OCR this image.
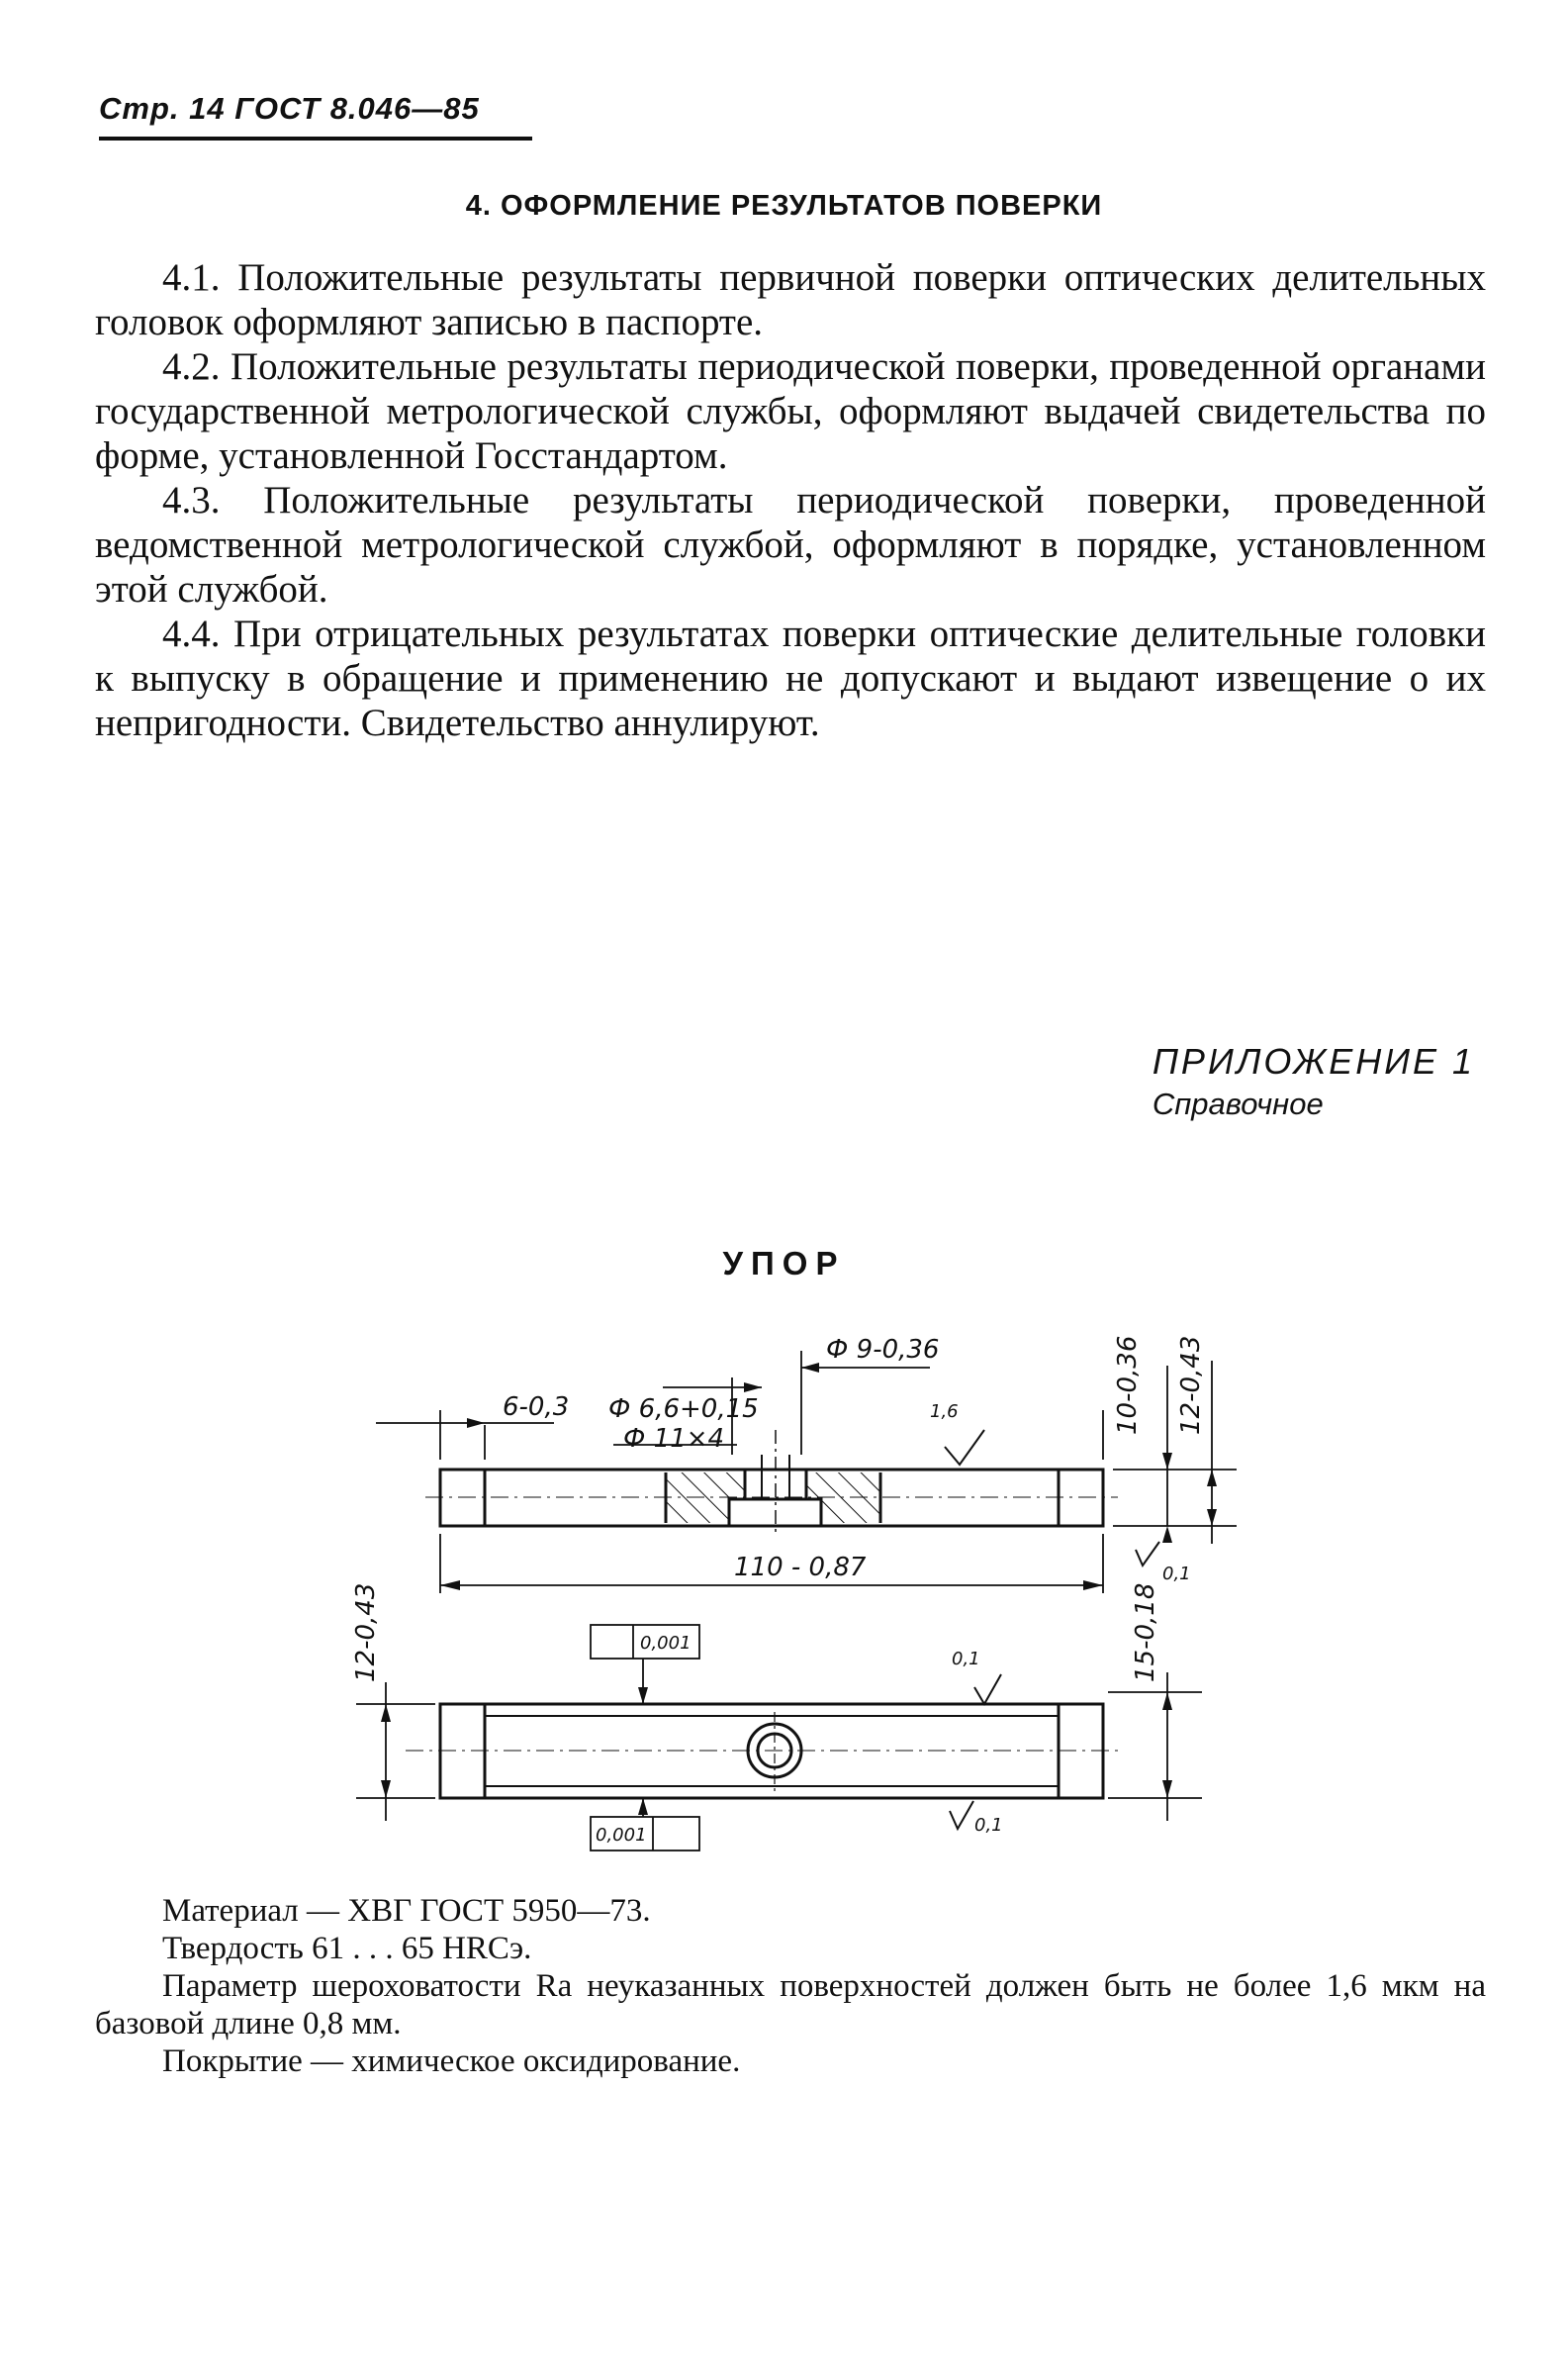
Стр. 14 ГОСТ 8.046—85
4. ОФОРМЛЕНИЕ РЕЗУЛЬТАТОВ ПОВЕРКИ

4.1. Положительные результаты первичной поверки оптических делительных головок оформляют записью в паспорте.

4.2. Положительные результаты периодической поверки, проведенной органами государственной метрологической службы, оформляют выдачей свидетельства по форме, установленной Госстандартом.

4.3. Положительные результаты периодической поверки, проведенной ведомственной метрологической службой, оформляют в порядке, установленном этой службой.

4.4. При отрицательных результатах поверки оптические делительные головки к выпуску в обращение и применению не допускают и выдают извещение о их непригодности. Свидетельство аннулируют.

ПРИЛОЖЕНИЕ 1
Справочное
УПОР
Ф 9-0,36
6-0,3 Ф 6,6+0,15
Ф 11×4
1,6	10-0,36 12-0,43
110 - 0,87	0,1
12-0,43	0,001
0,1	15-0,18
0,001	0,1

Материал — ХВГ ГОСТ 5950—73.

Твердость 61 . . . 65 HRCэ.

Параметр шероховатости Ra неуказанных поверхностей должен быть не более 1,6 мкм на базовой длине 0,8 мм.

Покрытие — химическое оксидирование.
